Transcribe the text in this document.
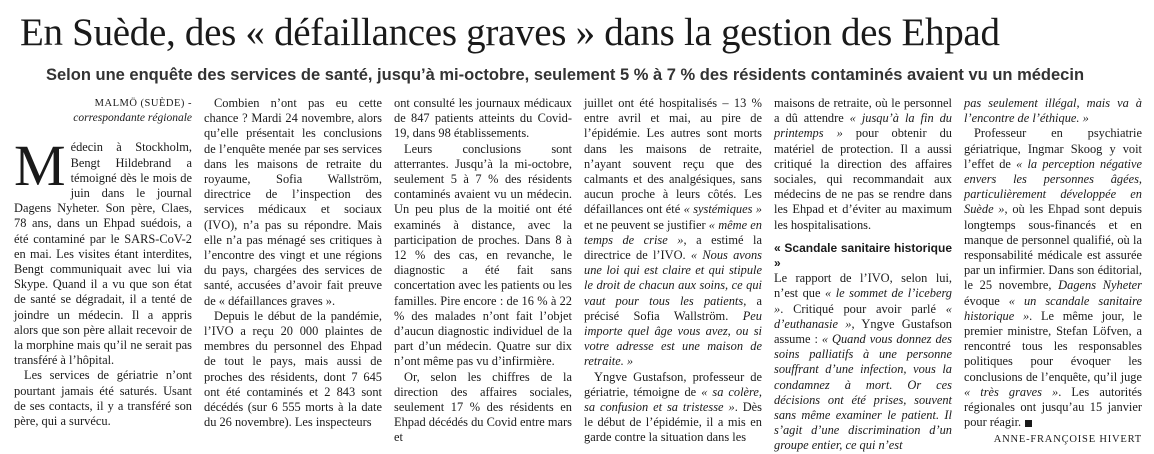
En Suède, des « défaillances graves » dans la gestion des Ehpad
Selon une enquête des services de santé, jusqu’à mi-octobre, seulement 5 % à 7 % des résidents contaminés avaient vu un médecin
MALMÖ (SUÈDE) -
correspondante régionale

Médecin à Stockholm, Bengt Hildebrand a témoigné dès le mois de juin dans le journal Dagens Nyheter. Son père, Claes, 78 ans, dans un Ehpad suédois, a été contaminé par le SARS-CoV-2 en mai. Les visites étant interdites, Bengt communiquait avec lui via Skype. Quand il a vu que son état de santé se dégradait, il a tenté de joindre un médecin. Il a appris alors que son père allait recevoir de la morphine mais qu’il ne serait pas transféré à l’hôpital.

Les services de gériatrie n’ont pourtant jamais été saturés. Usant de ses contacts, il y a transféré son père, qui a survécu.

Combien n’ont pas eu cette chance ? Mardi 24 novembre, alors qu’elle présentait les conclusions de l’enquête menée par ses services dans les maisons de retraite du royaume, Sofia Wallström, directrice de l’inspection des services médicaux et sociaux (IVO), n’a pas su répondre. Mais elle n’a pas ménagé ses critiques à l’encontre des vingt et une régions du pays, chargées des services de santé, accusées d’avoir fait preuve de « défaillances graves ».

Depuis le début de la pandémie, l’IVO a reçu 20 000 plaintes de membres du personnel des Ehpad de tout le pays, mais aussi de proches des résidents, dont 7 645 ont été contaminés et 2 843 sont décédés (sur 6 555 morts à la date du 26 novembre). Les inspecteurs

ont consulté les journaux médicaux de 847 patients atteints du Covid-19, dans 98 établissements.

Leurs conclusions sont atterrantes. Jusqu’à la mi-octobre, seulement 5 à 7 % des résidents contaminés avaient vu un médecin. Un peu plus de la moitié ont été examinés à distance, avec la participation de proches. Dans 8 à 12 % des cas, en revanche, le diagnostic a été fait sans concertation avec les patients ou les familles. Pire encore : de 16 % à 22 % des malades n’ont fait l’objet d’aucun diagnostic individuel de la part d’un médecin. Quatre sur dix n’ont même pas vu d’infirmière.

Or, selon les chiffres de la direction des affaires sociales, seulement 17 % des résidents en Ehpad décédés du Covid entre mars et

juillet ont été hospitalisés – 13 % entre avril et mai, au pire de l’épidémie. Les autres sont morts dans les maisons de retraite, n’ayant souvent reçu que des calmants et des analgésiques, sans aucun proche à leurs côtés. Les défaillances ont été « systémiques » et ne peuvent se justifier « même en temps de crise », a estimé la directrice de l’IVO. « Nous avons une loi qui est claire et qui stipule le droit de chacun aux soins, ce qui vaut pour tous les patients, a précisé Sofia Wallström. Peu importe quel âge vous avez, ou si votre adresse est une maison de retraite. »

Yngve Gustafson, professeur de gériatrie, témoigne de « sa colère, sa confusion et sa tristesse ». Dès le début de l’épidémie, il a mis en garde contre la situation dans les

maisons de retraite, où le personnel a dû attendre « jusqu’à la fin du printemps » pour obtenir du matériel de protection. Il a aussi critiqué la direction des affaires sociales, qui recommandait aux médecins de ne pas se rendre dans les Ehpad et d’éviter au maximum les hospitalisations.

« Scandale sanitaire historique »

Le rapport de l’IVO, selon lui, n’est que « le sommet de l’iceberg ». Critiqué pour avoir parlé « d’euthanasie », Yngve Gustafson assume : « Quand vous donnez des soins palliatifs à une personne souffrant d’une infection, vous la condamnez à mort. Or ces décisions ont été prises, souvent sans même examiner le patient. Il s’agit d’une discrimination d’un groupe entier, ce qui n’est

pas seulement illégal, mais va à l’encontre de l’éthique. »

Professeur en psychiatrie gériatrique, Ingmar Skoog y voit l’effet de « la perception négative envers les personnes âgées, particulièrement développée en Suède », où les Ehpad sont depuis longtemps sous-financés et en manque de personnel qualifié, où la responsabilité médicale est assurée par un infirmier. Dans son éditorial, le 25 novembre, Dagens Nyheter évoque « un scandale sanitaire historique ». Le même jour, le premier ministre, Stefan Löfven, a rencontré tous les responsables politiques pour évoquer les conclusions de l’enquête, qu’il juge « très graves ». Les autorités régionales ont jusqu’au 15 janvier pour réagir.

ANNE-FRANÇOISE HIVERT
